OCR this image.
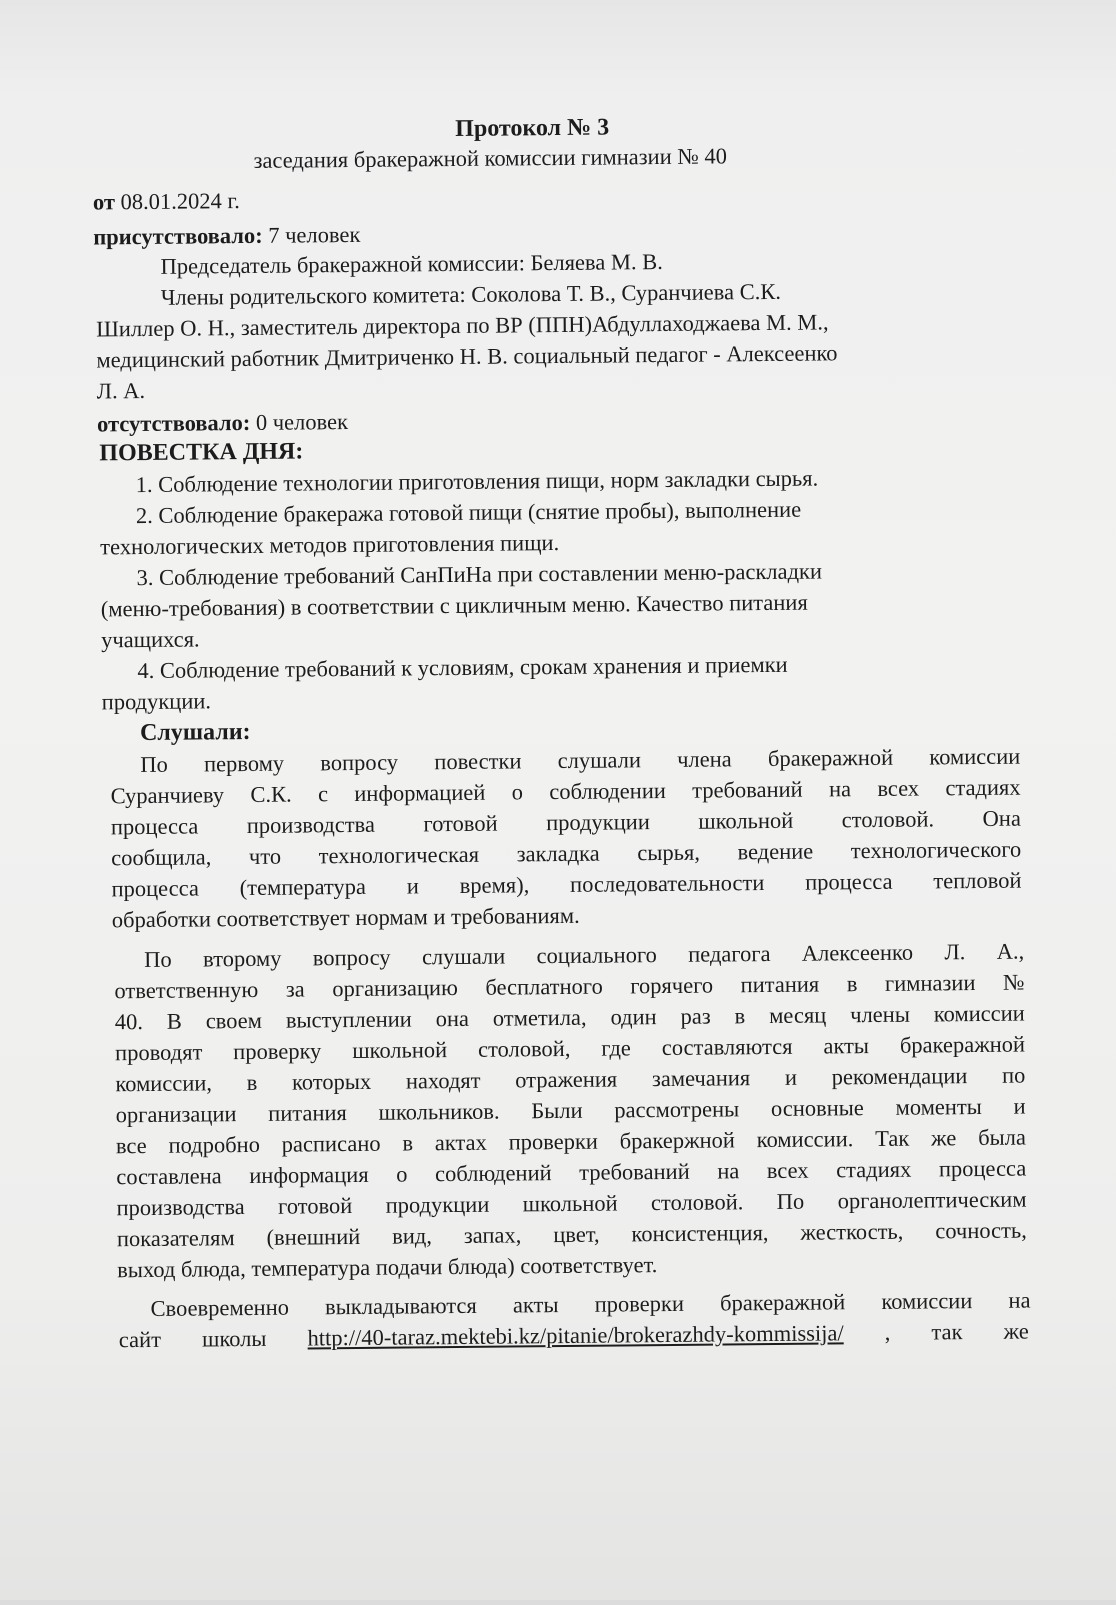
Протокол № 3
заседания бракеражной комиссии гимназии № 40
от 08.01.2024 г.
присутствовало: 7 человек
Председатель бракеражной комиссии: Беляева М. В.
Члены родительского комитета: Соколова Т. В., Суранчиева С.К.
Шиллер О. Н., заместитель директора по ВР (ППН)Абдуллаходжаева М. М.,
медицинский работник Дмитриченко Н. В. социальный педагог - Алексеенко
Л. А.
отсутствовало: 0 человек
ПОВЕСТКА ДНЯ:
1. Соблюдение технологии приготовления пищи, норм закладки сырья.
2. Соблюдение бракеража готовой пищи (снятие пробы), выполнение
технологических методов приготовления пищи.
3. Соблюдение требований СанПиНа при составлении меню-раскладки
(меню-требования) в соответствии с цикличным меню. Качество питания
учащихся.
4. Соблюдение требований к условиям, срокам хранения и приемки
продукции.
Слушали:
По первому вопросу повестки слушали члена бракеражной комиссии
Суранчиеву С.К. с информацией о соблюдении требований на всех стадиях
процесса производства готовой продукции школьной столовой. Она
сообщила, что технологическая закладка сырья, ведение технологического
процесса (температура и время), последовательности процесса тепловой
обработки соответствует нормам и требованиям.
По второму вопросу слушали социального педагога Алексеенко Л. А.,
ответственную за организацию бесплатного горячего питания в гимназии №
40. В своем выступлении она отметила, один раз в месяц члены комиссии
проводят проверку школьной столовой, где составляются акты бракеражной
комиссии, в которых находят отражения замечания и рекомендации по
организации питания школьников. Были рассмотрены основные моменты и
все подробно расписано в актах проверки бракержной комиссии. Так же была
составлена информация о соблюдений требований на всех стадиях процесса
производства готовой продукции школьной столовой. По органолептическим
показателям (внешний вид, запах, цвет, консистенция, жесткость, сочность,
выход блюда, температура подачи блюда) соответствует.
Своевременно выкладываются акты проверки бракеражной комиссии на
сайт школы http://40-taraz.mektebi.kz/pitanie/brokerazhdy-kommissija/ , так же
